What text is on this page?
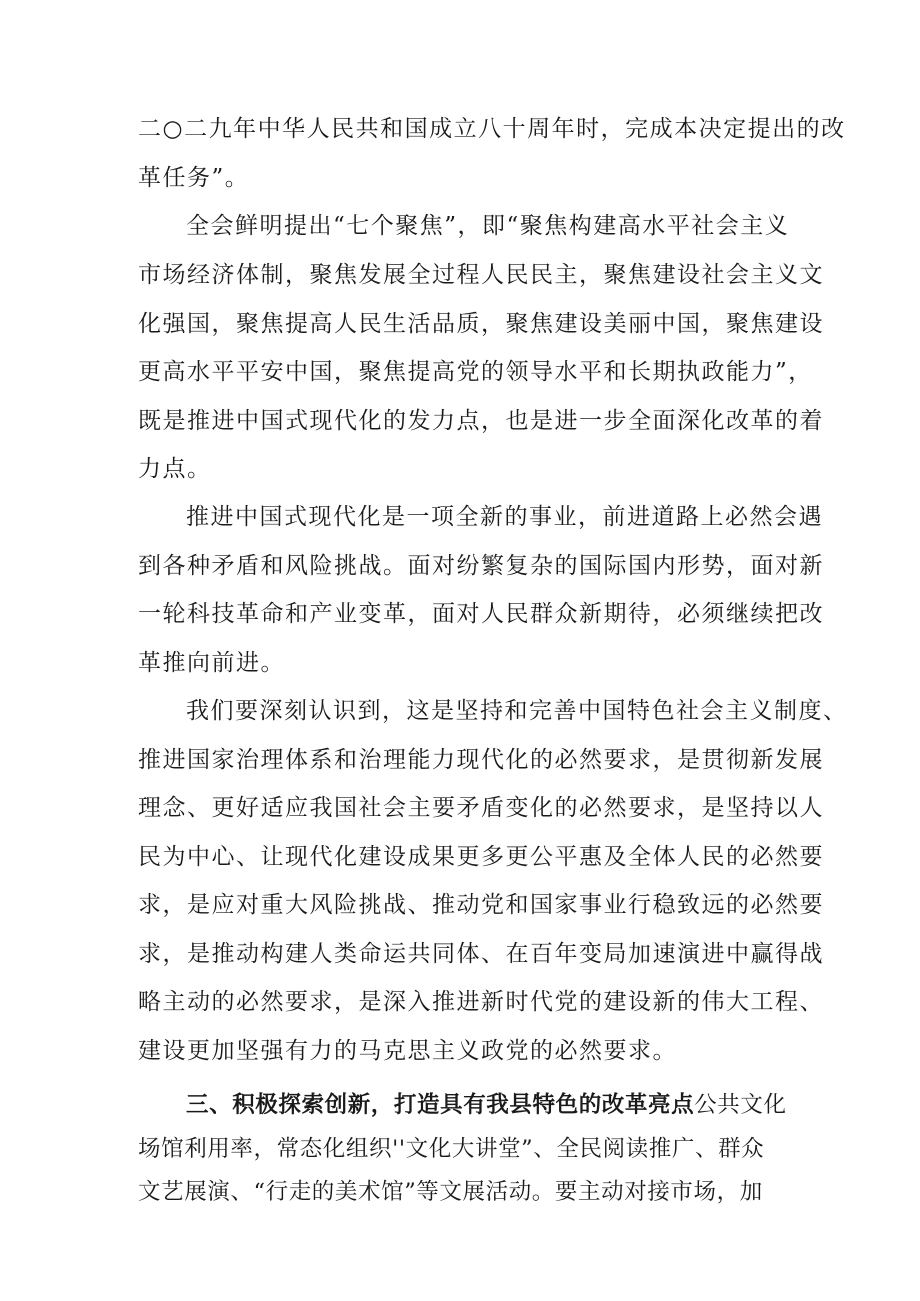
二○二九年中华人民共和国成立八十周年时，完成本决定提出的改
革任务”。
全会鲜明提出“七个聚焦”，即“聚焦构建高水平社会主义
市场经济体制，聚焦发展全过程人民民主，聚焦建设社会主义文
化强国，聚焦提高人民生活品质，聚焦建设美丽中国，聚焦建设
更高水平平安中国，聚焦提高党的领导水平和长期执政能力”，
既是推进中国式现代化的发力点，也是进一步全面深化改革的着
力点。
推进中国式现代化是一项全新的事业，前进道路上必然会遇
到各种矛盾和风险挑战。面对纷繁复杂的国际国内形势，面对新
一轮科技革命和产业变革，面对人民群众新期待，必须继续把改
革推向前进。
我们要深刻认识到，这是坚持和完善中国特色社会主义制度、
推进国家治理体系和治理能力现代化的必然要求，是贯彻新发展
理念、更好适应我国社会主要矛盾变化的必然要求，是坚持以人
民为中心、让现代化建设成果更多更公平惠及全体人民的必然要
求，是应对重大风险挑战、推动党和国家事业行稳致远的必然要
求，是推动构建人类命运共同体、在百年变局加速演进中赢得战
略主动的必然要求，是深入推进新时代党的建设新的伟大工程、
建设更加坚强有力的马克思主义政党的必然要求。
三、积极探索创新，打造具有我县特色的改革亮点公共文化
场馆利用率，常态化组织''文化大讲堂”、全民阅读推广、群众
文艺展演、“行走的美术馆”等文展活动。要主动对接市场，加
